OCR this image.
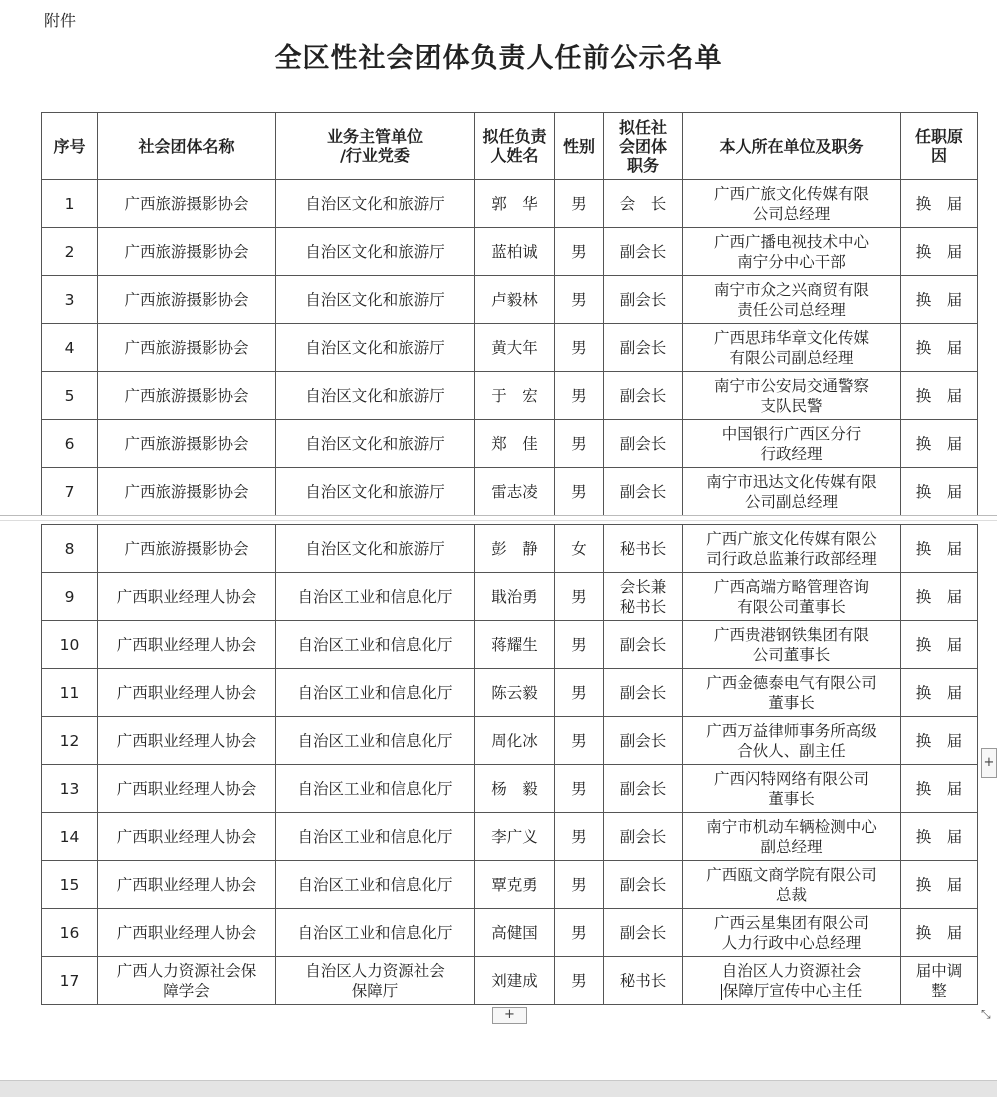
附件
全区性社会团体负责人任前公示名单
序号	社会团体名称	业务主管单位
/行业党委	拟任负责
人姓名	性别	拟任社
会团体
职务	本人所在单位及职务	任职原
因
1	广西旅游摄影协会	自治区文化和旅游厅	郭　华	男	会　长	广西广旅文化传媒有限
公司总经理	换　届
2	广西旅游摄影协会	自治区文化和旅游厅	蓝柏诚	男	副会长	广西广播电视技术中心
南宁分中心干部	换　届
3	广西旅游摄影协会	自治区文化和旅游厅	卢毅林	男	副会长	南宁市众之兴商贸有限
责任公司总经理	换　届
4	广西旅游摄影协会	自治区文化和旅游厅	黄大年	男	副会长	广西思玮华章文化传媒
有限公司副总经理	换　届
5	广西旅游摄影协会	自治区文化和旅游厅	于　宏	男	副会长	南宁市公安局交通警察
支队民警	换　届
6	广西旅游摄影协会	自治区文化和旅游厅	郑　佳	男	副会长	中国银行广西区分行
行政经理	换　届
7	广西旅游摄影协会	自治区文化和旅游厅	雷志凌	男	副会长	南宁市迅达文化传媒有限
公司副总经理	换　届
8	广西旅游摄影协会	自治区文化和旅游厅	彭　静	女	秘书长	广西广旅文化传媒有限公
司行政总监兼行政部经理	换　届
9	广西职业经理人协会	自治区工业和信息化厅	戢治勇	男	会长兼
秘书长	广西高端方略管理咨询
有限公司董事长	换　届
10	广西职业经理人协会	自治区工业和信息化厅	蒋耀生	男	副会长	广西贵港钢铁集团有限
公司董事长	换　届
11	广西职业经理人协会	自治区工业和信息化厅	陈云毅	男	副会长	广西金德泰电气有限公司
董事长	换　届
12	广西职业经理人协会	自治区工业和信息化厅	周化冰	男	副会长	广西万益律师事务所高级
合伙人、副主任	换　届
13	广西职业经理人协会	自治区工业和信息化厅	杨　毅	男	副会长	广西闪特网络有限公司
董事长	换　届
14	广西职业经理人协会	自治区工业和信息化厅	李广义	男	副会长	南宁市机动车辆检测中心
副总经理	换　届
15	广西职业经理人协会	自治区工业和信息化厅	覃克勇	男	副会长	广西瓯文商学院有限公司
总裁	换　届
16	广西职业经理人协会	自治区工业和信息化厅	高健国	男	副会长	广西云星集团有限公司
人力行政中心总经理	换　届
17	广西人力资源社会保
障学会	自治区人力资源社会
保障厅	刘建成	男	秘书长	自治区人力资源社会
保障厅宣传中心主任	届中调
整
+
+	⤡
